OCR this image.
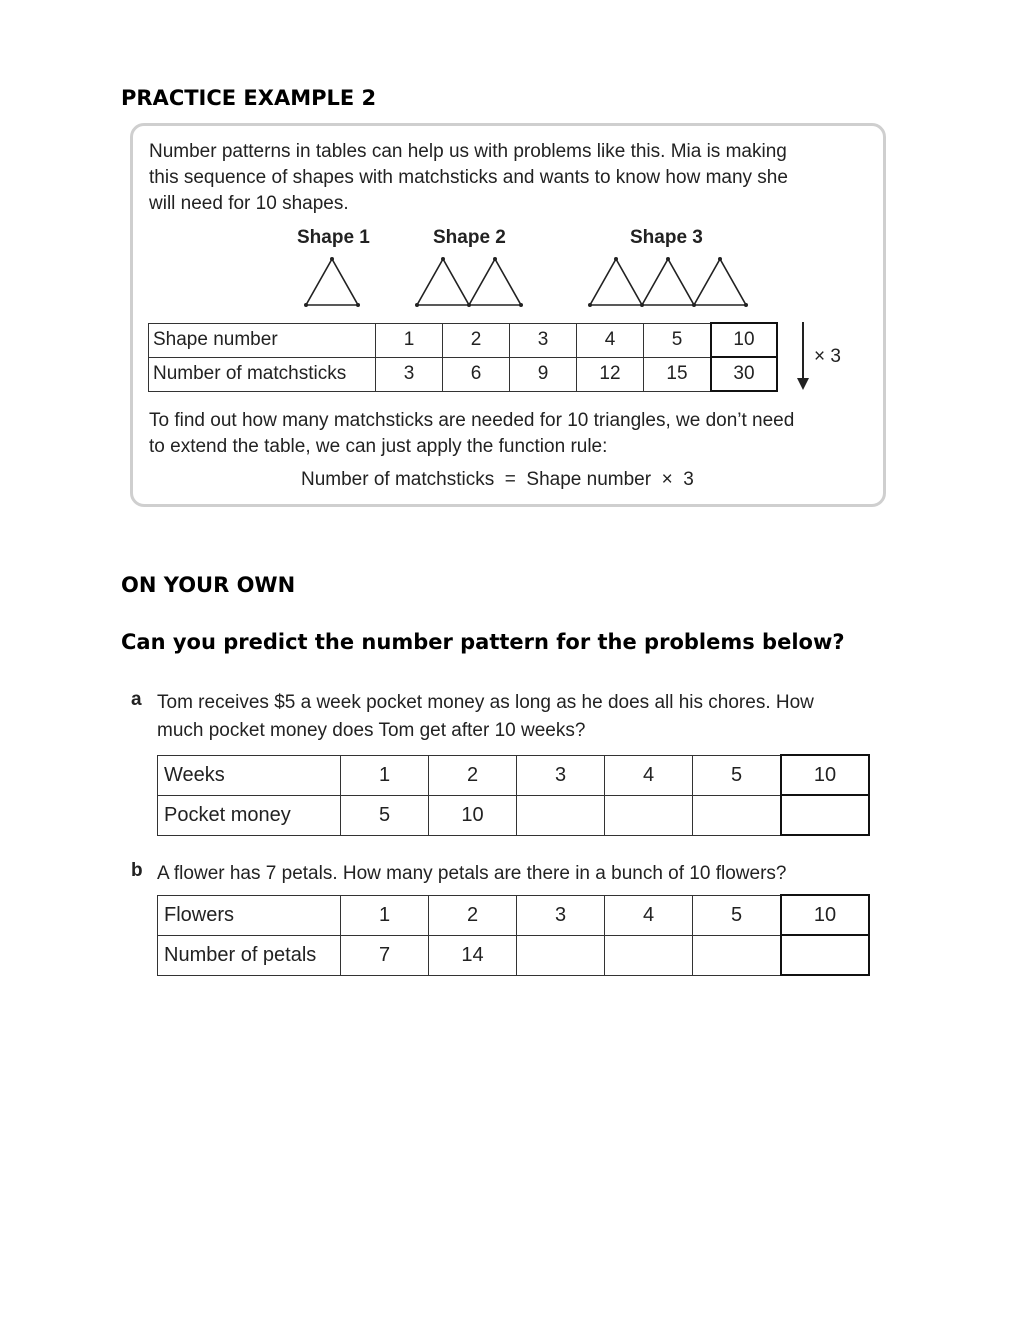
PRACTICE EXAMPLE 2
Number patterns in tables can help us with problems like this. Mia is making
this sequence of shapes with matchsticks and wants to know how many she
will need for 10 shapes.
Shape 1	Shape 2	Shape 3
Shape number	1	2	3	4	5	10
Number of matchsticks	3	6	9	12	15	30
× 3
To find out how many matchsticks are needed for 10 triangles, we don’t need
to extend the table, we can just apply the function rule:
Number of matchsticks  =  Shape number  ×  3
ON YOUR OWN
Can you predict the number pattern for the problems below?
a Tom receives $5 a week pocket money as long as he does all his chores. How
much pocket money does Tom get after 10 weeks?
Weeks	1	2	3	4	5	10
Pocket money	5	10				
b A flower has 7 petals. How many petals are there in a bunch of 10 flowers?
Flowers	1	2	3	4	5	10
Number of petals	7	14				
